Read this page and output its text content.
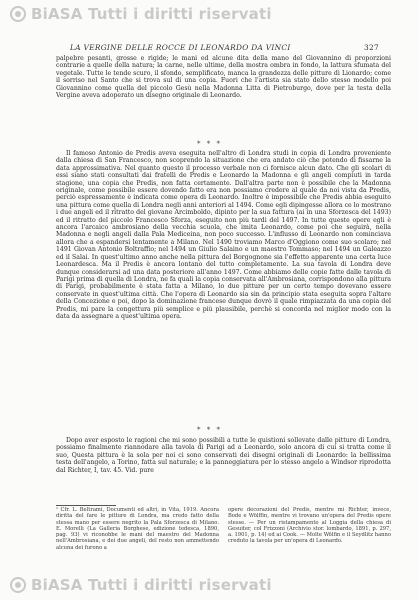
BiASA Tutti i diritti riservati
LA VERGINE DELLE ROCCE DI LEONARDO DA VINCI	327
palpebre pesanti, grosse e rigide; le mani ed alcune dita della mano del Giovannino di proporzioni contrarie a quelle della natura; la carne, nelle ultime, della mostra ombra in fondo, la lattura sfumata del vegetale. Tutte le tende scuro, il sfondo, semplificato, manca la grandezza delle pitture di Lionardo; come il sorriso nel Santo che si trova sul di una copia. Fuori che l'artista sia stato dello stesso modello poi Giovannino come quella del piccolo Gesù nella Madonna Litta di Pietroburgo, dove per la testa della Vergine aveva adoperato un disegno originale di Leonardo.
* * *
Il famoso Antonio de Predis aveva eseguita nell'altro di Londra studi in copia di Londra proveniente dalla chiesa di San Francesco, non scoprendo la situazione che era andato ciò che potendo di fissarne la data approssimativa. Nel quanto questo il processo verbale non ci fornisce alcun dato. Che gli scolari di essi siano stati consultati dai fratelli de Predis e Leonardo la Madonna e gli angeli compiuti in tarda stagione, una copia che Predis, non fatta certamente. Dall'altra parte non è possibile che la Madonna originale, come possibile essere dovendo fatto era non possiamo credere al quale da noi vista da Predis, perciò espressamente è indicata come opera di Leonardo. Inoltre è impossibile che Predis abbia eseguito una pittura come quella di Londra negli anni anteriori al 1494. Come egli dipingesse allora ce lo mostrano i due angeli ed il ritratto del giovane Arcimboldo, dipinto per la sua fattura (ai in una Sforzesca del 1493) ed il ritratto del piccolo Francesco Sforza, eseguito non più tardi del 1497. In tutte queste opere egli è ancora l'arcaico ambrosiano della vecchia scuola, che imita Leonardo, come poi che seguirà, nella Madonna e negli angeli dalla Pala Mediceina, non poco successo. L'influsso di Leonardo non cominciava allora che a espandersi lentamente a Milano. Nel 1490 troviamo Marco d'Oggiono come suo scolaro; nel 1491 Giovan Antonio Boltraffio; nel 1494 un Giulio Salaino e un maestro Tommaso; nel 1494 un Galeazzo ed il Salai. In quest'ultimo anno anche nella pittura del Borgognone sia l'effetto apparente una certa luce Leonardesca. Ma il Predis è ancora lontano del tutto completamente. La sua tavola di Londra deve dunque considerarsi ad una data posteriore all'anno 1497. Come abbiamo delle copie fatte dalle tavola di Parigi prima di quella di Londra, ne fa quali la copia conservata all'Ambrosiana, corrispondono alla pittura di Parigi, probabilmente è stata fatta a Milano, lo due pitture per un certo tempo dovevano essere conservate in quest'ultima città. Che l'opera di Leonardo sia sin da principio stata eseguita sopra l'altare della Concezione e poi, dopo la dominazione francese dunque dovrò il quale rimpiazzata da una copia del Predis, mi pare la congettura più semplice e più plausibile, perchè si concorda nel miglior modo con la data da assegnare a quest'ultima opera.
* * *
Dopo aver esposto le ragioni che mi sono possibili a tutte le quistioni sollevate dalle pitture di Londra, possiamo finalmente riannodare alla tavola di Parigi ad a Leonardo, solo ancora di cui si tratta come il suo, Questa pittura è la sola per noi ci sono conservati dei disegni originali di Leonardo: la bellissima testa dell'angelo, a Torino, fatta sul naturale; e la panneggiatura per lo stesso angelo a Windsor riprodotta dal Richter, I, tav. 45. Vid. pure
¹ Cfr. L. Beltrami, Documenti ed altri, in Vita, 1919. Ancora diritta del fare le pitture di Londra, ma credo fatto della stessa mano per essere negrito la Pala Sforzesca di Milano. E. Morelli (La Galleria Borghese, edizione tedesca, 1890, pag. 93) vi riconobbe le mani del maestro del Madonna nell'Ambrosiana, e dei due angeli, del resto non ammettendo alcuna dei furono a
opere decorazioni del Predis, mentre mi Richter, invece, Bode e Wölffin, mentre vi trovano un'opera del Predis opere stesse. — Per un ristampamento al Loggia della chiesa di Gesuiter, col Frizzoni (Archivio stor. lombardo, 1891, p. 297, a. 1901, p. 14) ed ai Cook. — Molte Wölfin e il Seydlitz hanno creduto la tavola per un'opera di Leonardo.
BiASA Tutti i diritti riservati
